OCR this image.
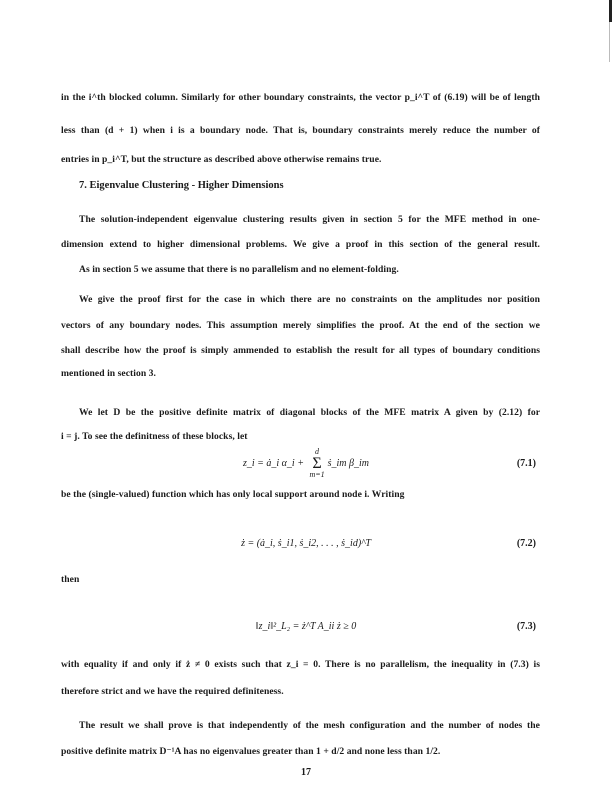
in the i^th blocked column. Similarly for other boundary constraints, the vector p_i^T of (6.19) will be of length
less than (d + 1) when i is a boundary node. That is, boundary constraints merely reduce the number of
entries in p_i^T, but the structure as described above otherwise remains true.
7. Eigenvalue Clustering - Higher Dimensions
The solution-independent eigenvalue clustering results given in section 5 for the MFE method in one-
dimension extend to higher dimensional problems. We give a proof in this section of the general result.
As in section 5 we assume that there is no parallelism and no element-folding.
We give the proof first for the case in which there are no constraints on the amplitudes nor position
vectors of any boundary nodes. This assumption merely simplifies the proof. At the end of the section we
shall describe how the proof is simply ammended to establish the result for all types of boundary conditions
mentioned in section 3.
We let D be the positive definite matrix of diagonal blocks of the MFE matrix A given by (2.12) for
i = j. To see the definitness of these blocks, let
z_i = ȧ_i α_i + d
Σ
m=1ṡ_im β_im	(7.1)
be the (single-valued) function which has only local support around node i. Writing
ż = (ȧ_i, ṡ_i1, ṡ_i2, . . . , ṡ_id)^T	(7.2)
then
‖z_i‖²_L₂ = ż^T A_ii ż ≥ 0	(7.3)
with equality if and only if ż ≠ 0 exists such that z_i = 0. There is no parallelism, the inequality in (7.3) is
therefore strict and we have the required definiteness.
The result we shall prove is that independently of the mesh configuration and the number of nodes the
positive definite matrix D⁻¹A has no eigenvalues greater than 1 + d/2 and none less than 1/2.
17
